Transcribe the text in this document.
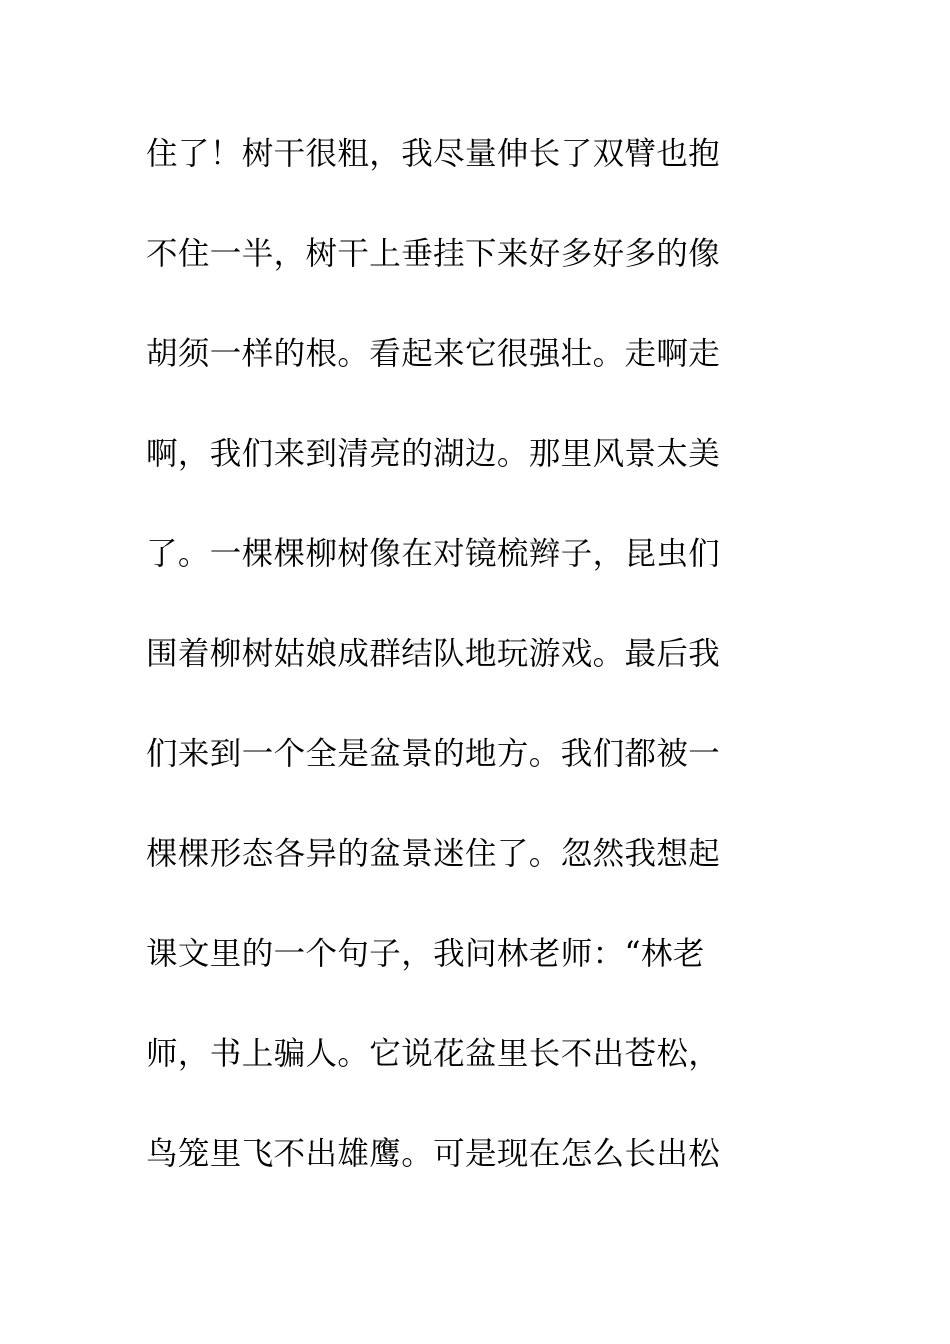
住了！树干很粗，我尽量伸长了双臂也抱
不住一半，树干上垂挂下来好多好多的像
胡须一样的根。看起来它很强壮。走啊走
啊，我们来到清亮的湖边。那里风景太美
了。一棵棵柳树像在对镜梳辫子，昆虫们
围着柳树姑娘成群结队地玩游戏。最后我
们来到一个全是盆景的地方。我们都被一
棵棵形态各异的盆景迷住了。忽然我想起
课文里的一个句子，我问林老师：“林老
师，书上骗人。它说花盆里长不出苍松，
鸟笼里飞不出雄鹰。可是现在怎么长出松
